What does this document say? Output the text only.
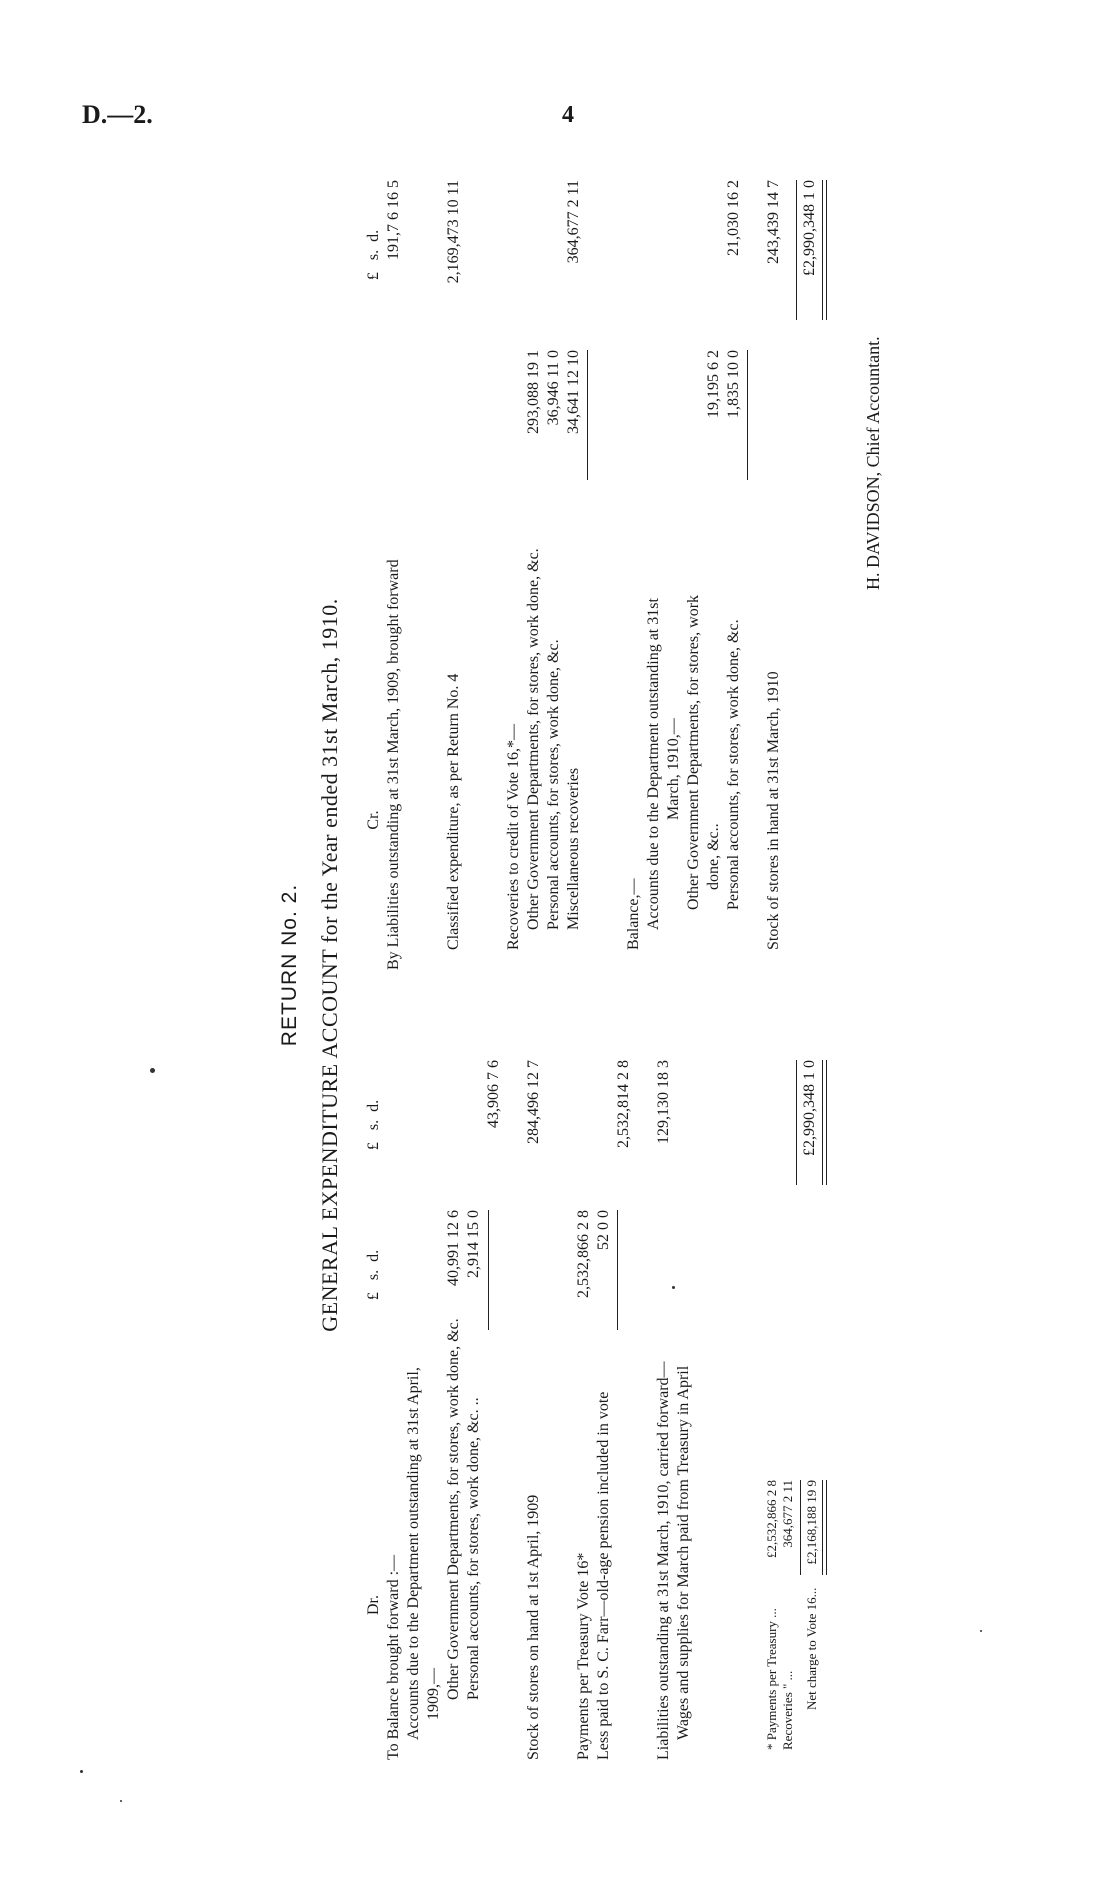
D.—2.	4
RETURN No. 2. GENERAL EXPENDITURE ACCOUNT for the Year ended 31st March, 1910.
Dr.
£   s.  d.
£   s.  d.
To Balance brought forward :— Accounts due to the Department outstanding at 31st April, 1909,— Other Government Departments, for stores, work done, &c.
40,991 12 6
Personal accounts, for stores, work done, &c. ..
2,914 15 0
43,906 7 6
Stock of stores on hand at 1st April, 1909
284,496 12 7
Payments per Treasury Vote 16*
2,532,866 2 8
Less paid to S. C. Farr—old-age pension included in vote
52 0 0
2,532,814 2 8
Liabilities outstanding at 31st March, 1910, carried forward— Wages and supplies for March paid from Treasury in April
129,130 18 3	£2,990,348 1 0
* Payments per Treasury ...
£2,532,866 2 8
Recoveries " ...
364,677 2 11
Net charge to Vote 16...
£2,168,188 19 9
Cr.
£   s.  d.
By Liabilities outstanding at 31st March, 1909, brought forward
191,7 6 16 5
Classified expenditure, as per Return No. 4
2,169,473 10 11
Recoveries to credit of Vote 16,*— Other Government Departments, for stores, work done, &c.
293,088 19 1
Personal accounts, for stores, work done, &c.
36,946 11 0
Miscellaneous recoveries
34,641 12 10
364,677 2 11
Balance,— Accounts due to the Department outstanding at 31st March, 1910,— Other Government Departments, for stores, work done, &c..
19,195 6 2
Personal accounts, for stores, work done, &c.
1,835 10 0
21,030 16 2
Stock of stores in hand at 31st March, 1910
243,439 14 7 £2,990,348 1 0
H. DAVIDSON, Chief Accountant.
